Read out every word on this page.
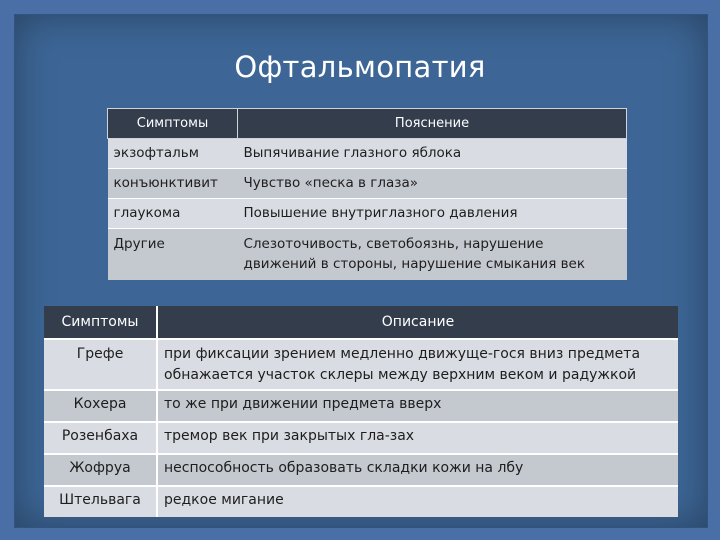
Офтальмопатия
Симптомы	Пояснение
экзофтальм	Выпячивание глазного яблока
конъюнктивит	Чувство «песка в глаза»
глаукома	Повышение внутриглазного давления
Другие	Слезоточивость, светобоязнь, нарушение
движений в стороны, нарушение смыкания век
Симптомы	Описание
Грефе	при фиксации зрением медленно движуще-гося вниз предмета
обнажается участок склеры между верхним веком и радужкой

Кохера	то же при движении предмета вверх
Розенбаха	тремор век при закрытых гла-зах
Жофруа	неспособность образовать складки кожи на лбу
Штельвага	редкое мигание
